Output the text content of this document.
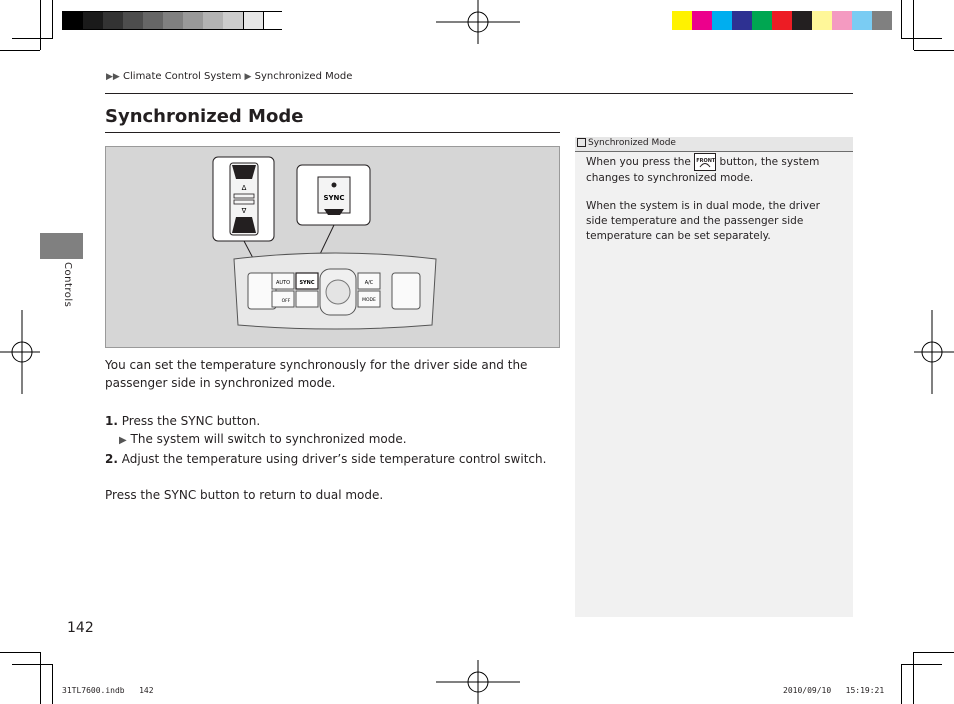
▶▶ Climate Control System ▶ Synchronized Mode
Synchronized Mode
Controls
Δ
∇
SYNC
AUTO SYNC	A/C
MODE
OFF
You can set the temperature synchronously for the driver side and the passenger side in synchronized mode.
1. Press the SYNC button.
▶ The system will switch to synchronized mode.
2. Adjust the temperature using driver’s side temperature control switch.
Press the SYNC button to return to dual mode.
Synchronized Mode
When you press the FRONT button, the system changes to synchronized mode.
When the system is in dual mode, the driver side temperature and the passenger side temperature can be set separately.
142
31TL7600.indb 142	2010/09/10 15:19:21
